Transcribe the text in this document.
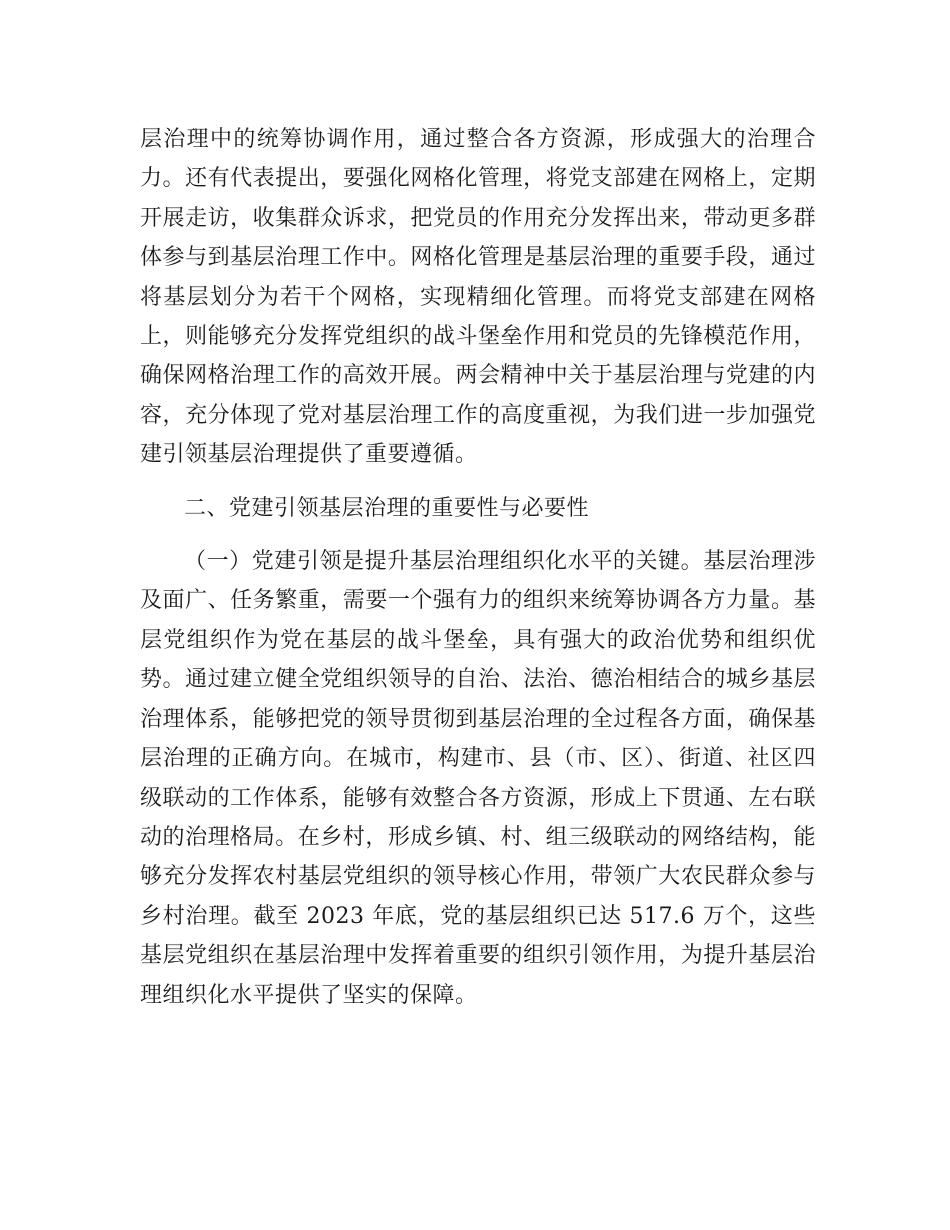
层治理中的统筹协调作用，通过整合各方资源，形成强大的治理合力。还有代表提出，要强化网格化管理，将党支部建在网格上，定期开展走访，收集群众诉求，把党员的作用充分发挥出来，带动更多群体参与到基层治理工作中。网格化管理是基层治理的重要手段，通过将基层划分为若干个网格，实现精细化管理。而将党支部建在网格上，则能够充分发挥党组织的战斗堡垒作用和党员的先锋模范作用，确保网格治理工作的高效开展。两会精神中关于基层治理与党建的内容，充分体现了党对基层治理工作的高度重视，为我们进一步加强党建引领基层治理提供了重要遵循。

二、党建引领基层治理的重要性与必要性

（一）党建引领是提升基层治理组织化水平的关键。基层治理涉及面广、任务繁重，需要一个强有力的组织来统筹协调各方力量。基层党组织作为党在基层的战斗堡垒，具有强大的政治优势和组织优势。通过建立健全党组织领导的自治、法治、德治相结合的城乡基层治理体系，能够把党的领导贯彻到基层治理的全过程各方面，确保基层治理的正确方向。在城市，构建市、县（市、区）、街道、社区四级联动的工作体系，能够有效整合各方资源，形成上下贯通、左右联动的治理格局。在乡村，形成乡镇、村、组三级联动的网络结构，能够充分发挥农村基层党组织的领导核心作用，带领广大农民群众参与乡村治理。截至 2023 年底，党的基层组织已达 517.6 万个，这些基层党组织在基层治理中发挥着重要的组织引领作用，为提升基层治理组织化水平提供了坚实的保障。
